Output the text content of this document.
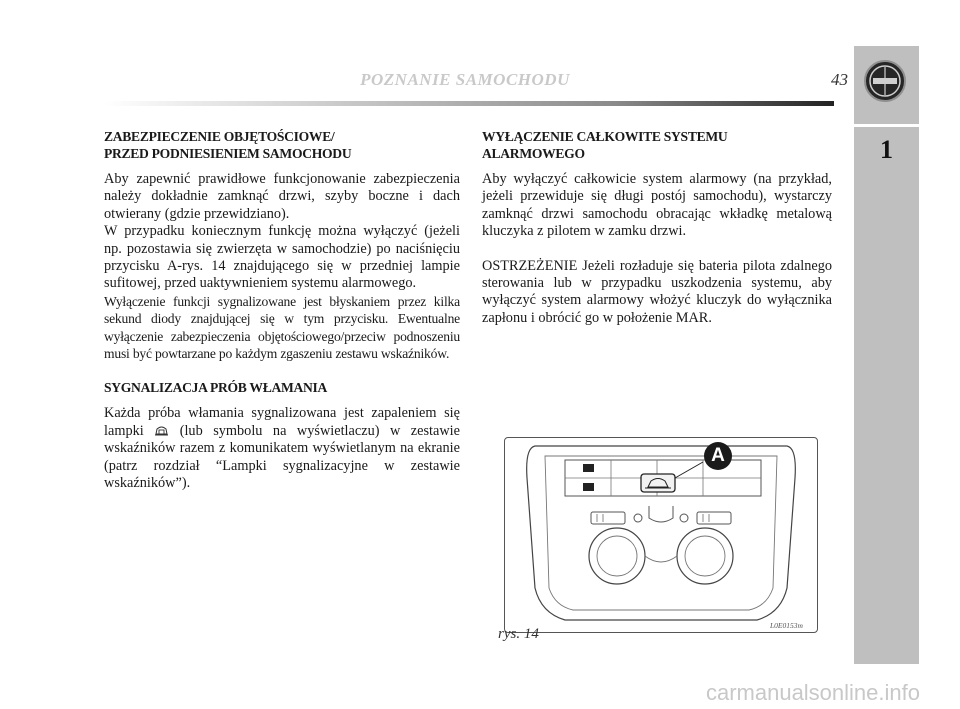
POZNANIE SAMOCHODU	43
1

ZABEZPIECZENIE OBJĘTOŚCIOWE/
PRZED PODNIESIENIEM SAMOCHODU

Aby zapewnić prawidłowe funkcjonowanie zabezpieczenia należy dokładnie zamknąć drzwi, szyby boczne i dach otwierany (gdzie przewidziano).

W przypadku koniecznym funkcję można wyłączyć (jeżeli np. pozostawia się zwierzęta w samochodzie) po naciśnięciu przycisku A-rys. 14 znajdującego się w przedniej lampie sufitowej, przed uaktywnieniem systemu alarmowego.

Wyłączenie funkcji sygnalizowane jest błyskaniem przez kilka sekund diody znajdującej się w tym przycisku. Ewentualne wyłączenie zabezpieczenia objętościowego/przeciw podnoszeniu musi być powtarzane po każdym zgaszeniu zestawu wskaźników.

SYGNALIZACJA PRÓB WŁAMANIA

Każda próba włamania sygnalizowana jest zapaleniem się lampki	(lub symbolu na wyświetlaczu) w zestawie wskaźników razem z komunikatem wyświetlanym na ekranie (patrz rozdział “Lampki sygnalizacyjne w zestawie wskaźników”).

WYŁĄCZENIE CAŁKOWITE SYSTEMU
ALARMOWEGO

Aby wyłączyć całkowicie system alarmowy (na przykład, jeżeli przewiduje się długi postój samochodu), wystarczy zamknąć drzwi samochodu obracając wkładkę metalową kluczyka z pilotem w zamku drzwi.

OSTRZEŻENIE Jeżeli rozładuje się bateria pilota zdalnego sterowania lub w przypadku uszkodzenia systemu, aby wyłączyć system alarmowy włożyć kluczyk do wyłącznika zapłonu i obrócić go w położenie MAR.

A
rys. 14
L0E0153m
carmanualsonline.info
